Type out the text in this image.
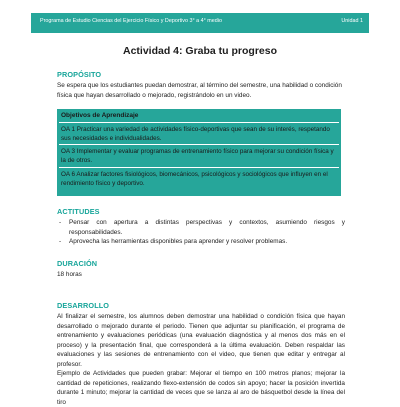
Programa de Estudio Ciencias del Ejercicio Físico y Deportivo 3° a 4° medio	Unidad 1
Actividad 4: Graba tu progreso
PROPÓSITO
Se espera que los estudiantes puedan demostrar, al término del semestre, una habilidad o condición física que hayan desarrollado o mejorado, registrándolo en un video.
Objetivos de Aprendizaje
OA 1 Practicar una variedad de actividades físico-deportivas que sean de su interés, respetando sus necesidades e individualidades.
OA 3 Implementar y evaluar programas de entrenamiento físico para mejorar su condición física y la de otros.
OA 6 Analizar factores fisiológicos, biomecánicos, psicológicos y sociológicos que influyen en el rendimiento físico y deportivo.
ACTITUDES
- Pensar con apertura a distintas perspectivas y contextos, asumiendo riesgos y responsabilidades.
- Aprovecha las herramientas disponibles para aprender y resolver problemas.
DURACIÓN
18 horas
DESARROLLO
Al finalizar el semestre, los alumnos deben demostrar una habilidad o condición física que hayan desarrollado o mejorado durante el periodo. Tienen que adjuntar su planificación, el programa de entrenamiento y evaluaciones periódicas (una evaluación diagnóstica y al menos dos más en el proceso) y la presentación final, que corresponderá a la última evaluación. Deben respaldar las evaluaciones y las sesiones de entrenamiento con el video, que tienen que editar y entregar al profesor.
Ejemplo de Actividades que pueden grabar: Mejorar el tiempo en 100 metros planos; mejorar la cantidad de repeticiones, realizando flexo-extensión de codos sin apoyo; hacer la posición invertida durante 1 minuto; mejorar la cantidad de veces que se lanza al aro de básquetbol desde la línea del tiro
